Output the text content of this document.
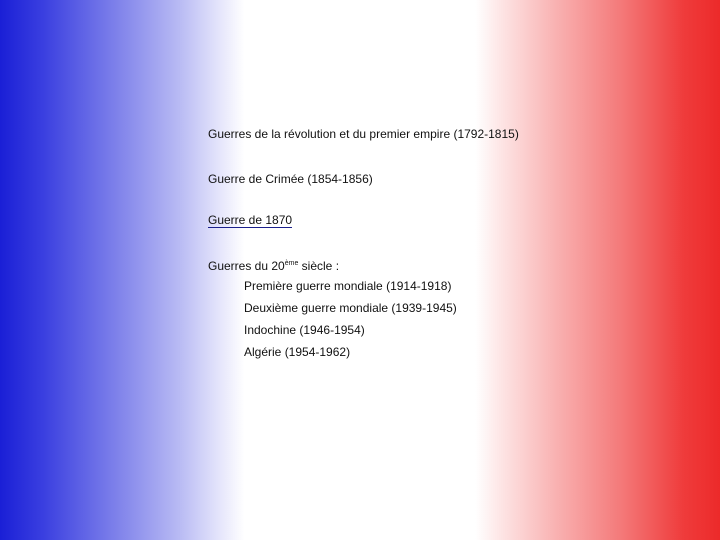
Guerres de la révolution et du premier empire (1792-1815)
Guerre de Crimée (1854-1856)
Guerre de 1870
Guerres du 20ème siècle :
Première guerre mondiale (1914-1918)
Deuxième guerre mondiale (1939-1945)
Indochine (1946-1954)
Algérie (1954-1962)
